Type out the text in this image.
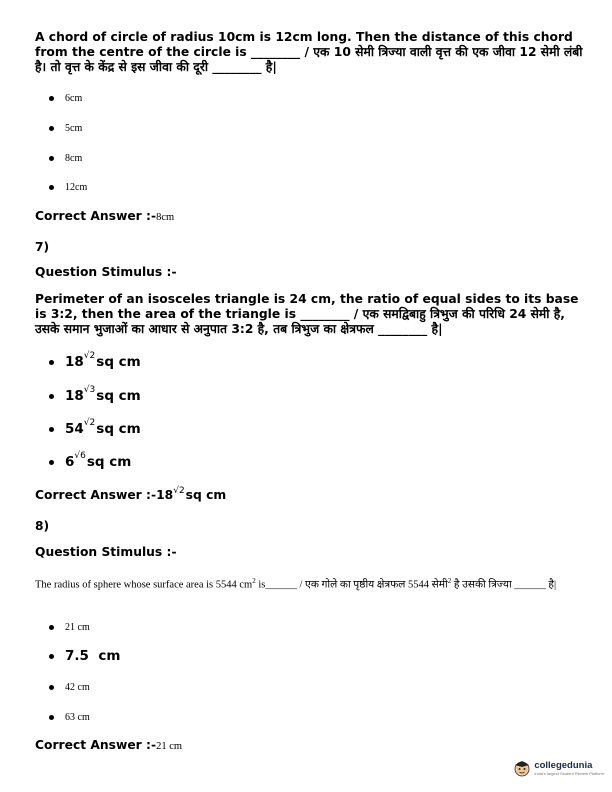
A chord of circle of radius 10cm is 12cm long. Then the distance of this chord from the centre of the circle is ________ / एक 10 सेमी त्रिज्या वाली वृत्त की एक जीवा 12 सेमी लंबी है। तो वृत्त के केंद्र से इस जीवा की दूरी ________ है|
6cm
5cm
8cm
12cm
Correct Answer :-8cm
7)
Question Stimulus :-
Perimeter of an isosceles triangle is 24 cm, the ratio of equal sides to its base is 3:2, then the area of the triangle is ________ / एक समद्विबाहु त्रिभुज की परिधि 24 सेमी है, उसके समान भुजाओं का आधार से अनुपात 3:2 है, तब त्रिभुज का क्षेत्रफल ________ है|
18 √2 sq cm
18 √3 sq cm
54 √2 sq cm
6 √6 sq cm
Correct Answer $:-18^{√2}sq$ cm
8)
Question Stimulus :-
The radius of sphere whose surface area is 5544 $cm^2$ is______ / एक गोले का पृष्ठीय क्षेत्रफल 5544 सेमी$^2$ है उसकी त्रिज्या ______ है|
21 cm
7.5  cm
42 cm
63 cm
Correct Answer :-21 cm
collegedunia
India's largest Student Review Platform
